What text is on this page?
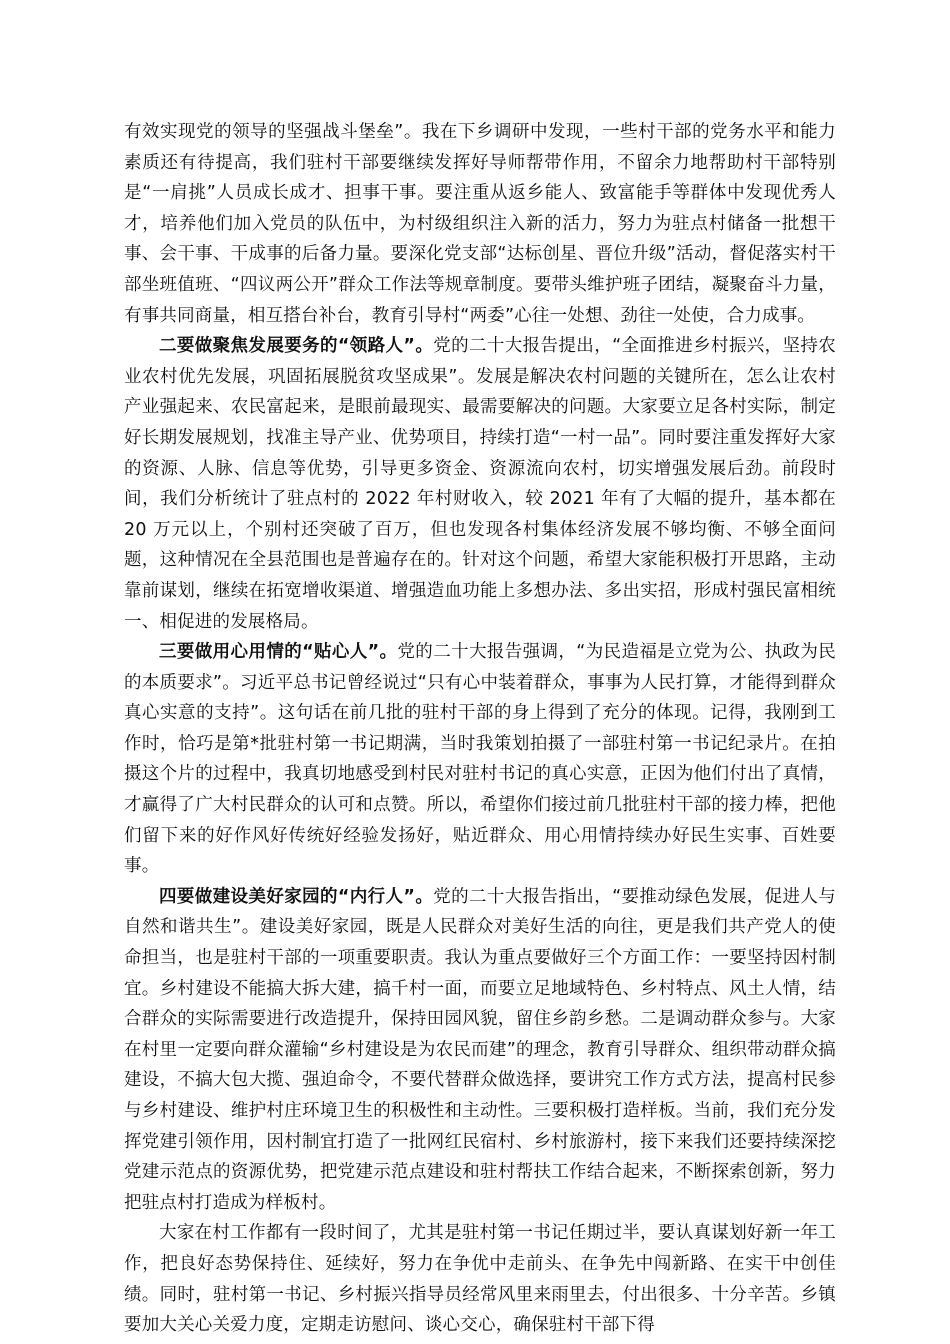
有效实现党的领导的坚强战斗堡垒”。我在下乡调研中发现，一些村干部的党务水平和能力素质还有待提高，我们驻村干部要继续发挥好导师帮带作用，不留余力地帮助村干部特别是“一肩挑”人员成长成才、担事干事。要注重从返乡能人、致富能手等群体中发现优秀人才，培养他们加入党员的队伍中，为村级组织注入新的活力，努力为驻点村储备一批想干事、会干事、干成事的后备力量。要深化党支部“达标创星、晋位升级”活动，督促落实村干部坐班值班、“四议两公开”群众工作法等规章制度。要带头维护班子团结，凝聚奋斗力量，有事共同商量，相互搭台补台，教育引导村“两委”心往一处想、劲往一处使，合力成事。

二要做聚焦发展要务的“领路人”。党的二十大报告提出，“全面推进乡村振兴，坚持农业农村优先发展，巩固拓展脱贫攻坚成果”。发展是解决农村问题的关键所在，怎么让农村产业强起来、农民富起来，是眼前最现实、最需要解决的问题。大家要立足各村实际，制定好长期发展规划，找准主导产业、优势项目，持续打造“一村一品”。同时要注重发挥好大家的资源、人脉、信息等优势，引导更多资金、资源流向农村，切实增强发展后劲。前段时间，我们分析统计了驻点村的 2022 年村财收入，较 2021 年有了大幅的提升，基本都在 20 万元以上，个别村还突破了百万，但也发现各村集体经济发展不够均衡、不够全面问题，这种情况在全县范围也是普遍存在的。针对这个问题，希望大家能积极打开思路，主动靠前谋划，继续在拓宽增收渠道、增强造血功能上多想办法、多出实招，形成村强民富相统一、相促进的发展格局。

三要做用心用情的“贴心人”。党的二十大报告强调，“为民造福是立党为公、执政为民的本质要求”。习近平总书记曾经说过“只有心中装着群众，事事为人民打算，才能得到群众真心实意的支持”。这句话在前几批的驻村干部的身上得到了充分的体现。记得，我刚到工作时，恰巧是第*批驻村第一书记期满，当时我策划拍摄了一部驻村第一书记纪录片。在拍摄这个片的过程中，我真切地感受到村民对驻村书记的真心实意，正因为他们付出了真情，才赢得了广大村民群众的认可和点赞。所以，希望你们接过前几批驻村干部的接力棒，把他们留下来的好作风好传统好经验发扬好，贴近群众、用心用情持续办好民生实事、百姓要事。

四要做建设美好家园的“内行人”。党的二十大报告指出，“要推动绿色发展，促进人与自然和谐共生”。建设美好家园，既是人民群众对美好生活的向往，更是我们共产党人的使命担当，也是驻村干部的一项重要职责。我认为重点要做好三个方面工作：一要坚持因村制宜。乡村建设不能搞大拆大建，搞千村一面，而要立足地域特色、乡村特点、风土人情，结合群众的实际需要进行改造提升，保持田园风貌，留住乡韵乡愁。二是调动群众参与。大家在村里一定要向群众灌输“乡村建设是为农民而建”的理念，教育引导群众、组织带动群众搞建设，不搞大包大揽、强迫命令，不要代替群众做选择，要讲究工作方式方法，提高村民参与乡村建设、维护村庄环境卫生的积极性和主动性。三要积极打造样板。当前，我们充分发挥党建引领作用，因村制宜打造了一批网红民宿村、乡村旅游村，接下来我们还要持续深挖党建示范点的资源优势，把党建示范点建设和驻村帮扶工作结合起来，不断探索创新，努力把驻点村打造成为样板村。

大家在村工作都有一段时间了，尤其是驻村第一书记任期过半，要认真谋划好新一年工作，把良好态势保持住、延续好，努力在争优中走前头、在争先中闯新路、在实干中创佳绩。同时，驻村第一书记、乡村振兴指导员经常风里来雨里去，付出很多、十分辛苦。乡镇要加大关心关爱力度，定期走访慰问、谈心交心，确保驻村干部下得
